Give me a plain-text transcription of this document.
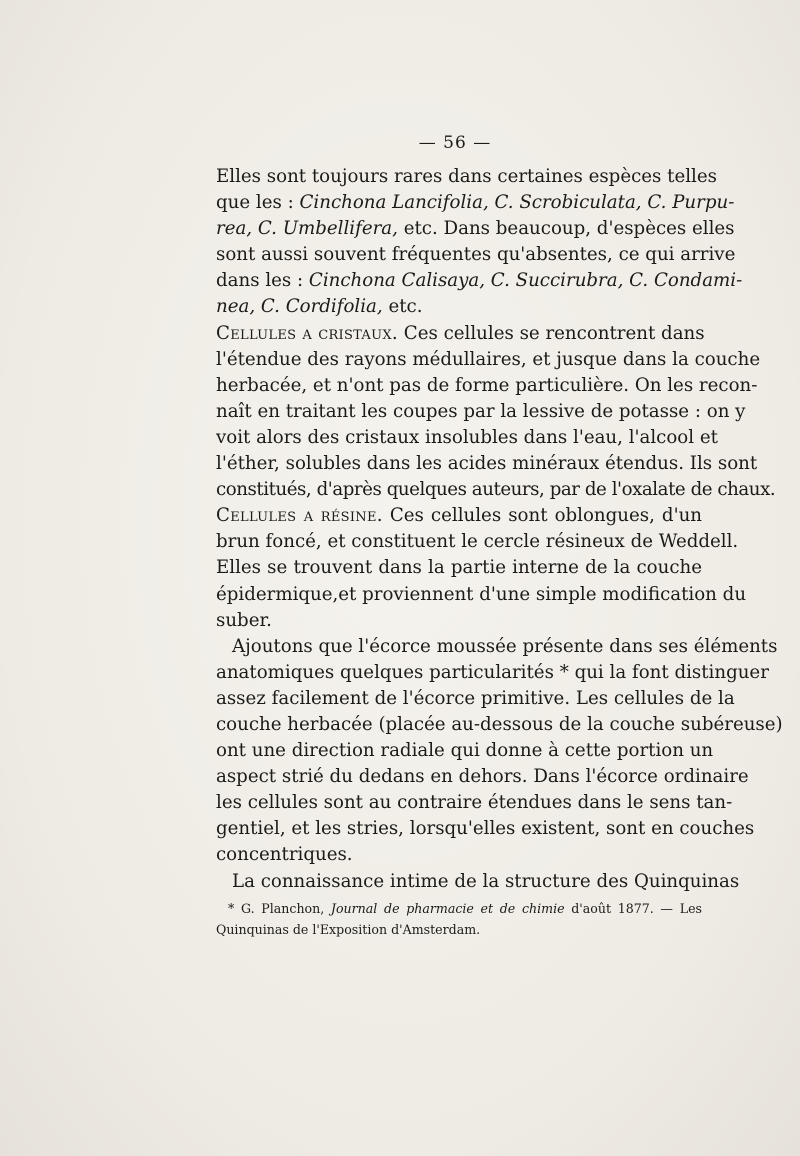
— 56 —
Elles sont toujours rares dans certaines espèces telles
que les : Cinchona Lancifolia, C. Scrobiculata, C. Purpu-
rea, C. Umbellifera, etc. Dans beaucoup, d'espèces elles
sont aussi souvent fréquentes qu'absentes, ce qui arrive
dans les : Cinchona Calisaya, C. Succirubra, C. Condami-
nea, C. Cordifolia, etc.
Cellules a cristaux. Ces cellules se rencontrent dans
l'étendue des rayons médullaires, et jusque dans la couche
herbacée, et n'ont pas de forme particulière. On les recon-
naît en traitant les coupes par la lessive de potasse : on y
voit alors des cristaux insolubles dans l'eau, l'alcool et
l'éther, solubles dans les acides minéraux étendus. Ils sont
constitués, d'après quelques auteurs, par de l'oxalate de chaux.
Cellules a résine. Ces cellules sont oblongues, d'un
brun foncé, et constituent le cercle résineux de Weddell.
Elles se trouvent dans la partie interne de la couche
épidermique,et proviennent d'une simple modification du
suber.
Ajoutons que l'écorce moussée présente dans ses éléments
anatomiques quelques particularités * qui la font distinguer
assez facilement de l'écorce primitive. Les cellules de la
couche herbacée (placée au-dessous de la couche subéreuse)
ont une direction radiale qui donne à cette portion un
aspect strié du dedans en dehors. Dans l'écorce ordinaire
les cellules sont au contraire étendues dans le sens tan-
gentiel, et les stries, lorsqu'elles existent, sont en couches
concentriques.
La connaissance intime de la structure des Quinquinas
* G. Planchon, Journal de pharmacie et de chimie d'août 1877. — Les
Quinquinas de l'Exposition d'Amsterdam.
